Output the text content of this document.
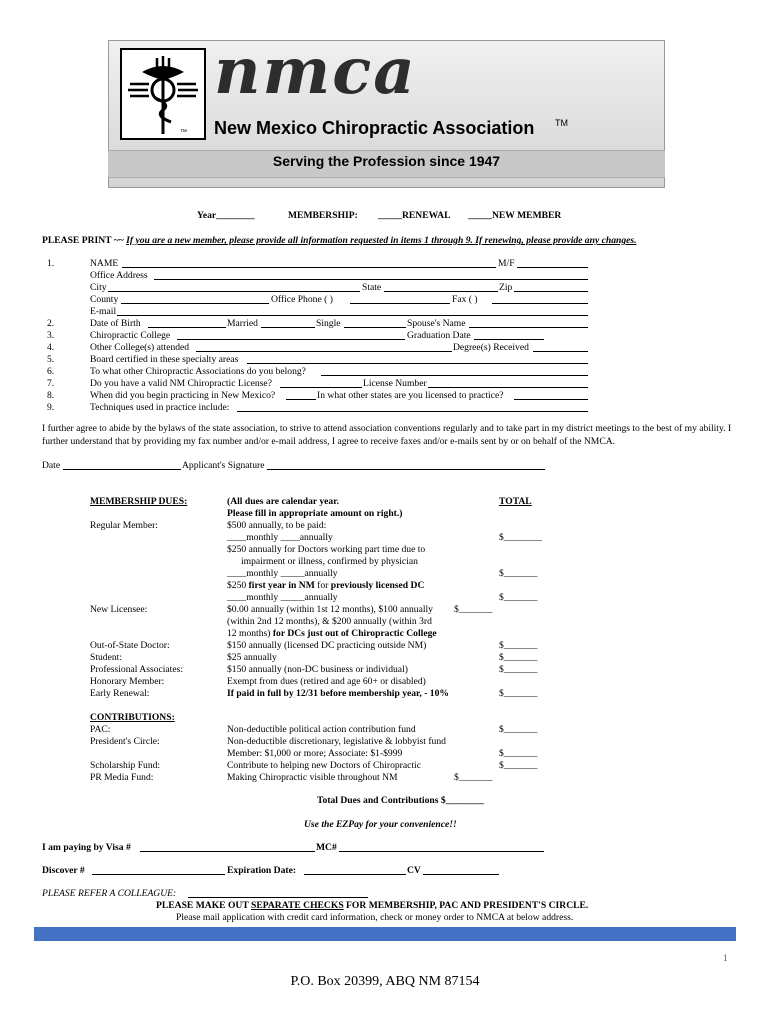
™
nmca
New Mexico Chiropractic Association TM
Serving the Profession since 1947
Year________	MEMBERSHIP: _____RENEWAL _____NEW MEMBER
PLEASE PRINT ~~ If you are a new member, please provide all information requested in items 1 through 9. If renewing, please provide any changes.
1.	NAME	M/F
Office Address
City	State	Zip
County	Office Phone ( )	Fax ( )
E-mail
2.	Date of Birth	Married	Single	Spouse's Name
3.	Chiropractic College	Graduation Date
4.	Other College(s) attended	Degree(s) Received
5.	Board certified in these specialty areas
6.	To what other Chiropractic Associations do you belong?
7.	Do you have a valid NM Chiropractic License?	License Number
8.	When did you begin practicing in New Mexico?	In what other states are you licensed to practice?
9.	Techniques used in practice include:
I further agree to abide by the bylaws of the state association, to strive to attend association conventions regularly and to take part in my district meetings to the best of my ability. I further understand that by providing my fax number and/or e-mail address, I agree to receive faxes and/or e-mails sent by or on behalf of the NMCA.
Date	Applicant's Signature
MEMBERSHIP DUES:	(All dues are calendar year.
Please fill in appropriate amount on right.)
TOTAL
Regular Member:	$500 annually, to be paid:
____monthly ____annually	$________
$250 annually for Doctors working part time due to
impairment or illness, confirmed by physician
____monthly _____annually	$_______
$250 first year in NM for previously licensed DC
____monthly _____annually	$_______
New Licensee:	$0.00 annually (within 1st 12 months), $100 annually $_______
(within 2nd 12 months), & $200 annually (within 3rd
12 months) for DCs just out of Chiropractic College
Out-of-State Doctor:	$150 annually (licensed DC practicing outside NM)	$_______
Student:	$25 annually	$_______
Professional Associates:	$150 annually (non-DC business or individual)	$_______
Honorary Member:	Exempt from dues (retired and age 60+ or disabled)
Early Renewal:	If paid in full by 12/31 before membership year, - 10%	$_______
CONTRIBUTIONS:
PAC:	Non-deductible political action contribution fund	$_______
President's Circle:	Non-deductible discretionary, legislative & lobbyist fund
Member: $1,000 or more; Associate: $1-$999	$_______
Scholarship Fund:	Contribute to helping new Doctors of Chiropractic	$_______
PR Media Fund:	Making Chiropractic visible throughout NM	$_______
Total Dues and Contributions $________
Use the EZPay for your convenience!!
I am paying by Visa #	MC#
Discover #	Expiration Date:	CV
PLEASE REFER A COLLEAGUE:
PLEASE MAKE OUT SEPARATE CHECKS FOR MEMBERSHIP, PAC AND PRESIDENT'S CIRCLE.
Please mail application with credit card information, check or money order to NMCA at below address.
1
P.O. Box 20399, ABQ NM 87154
